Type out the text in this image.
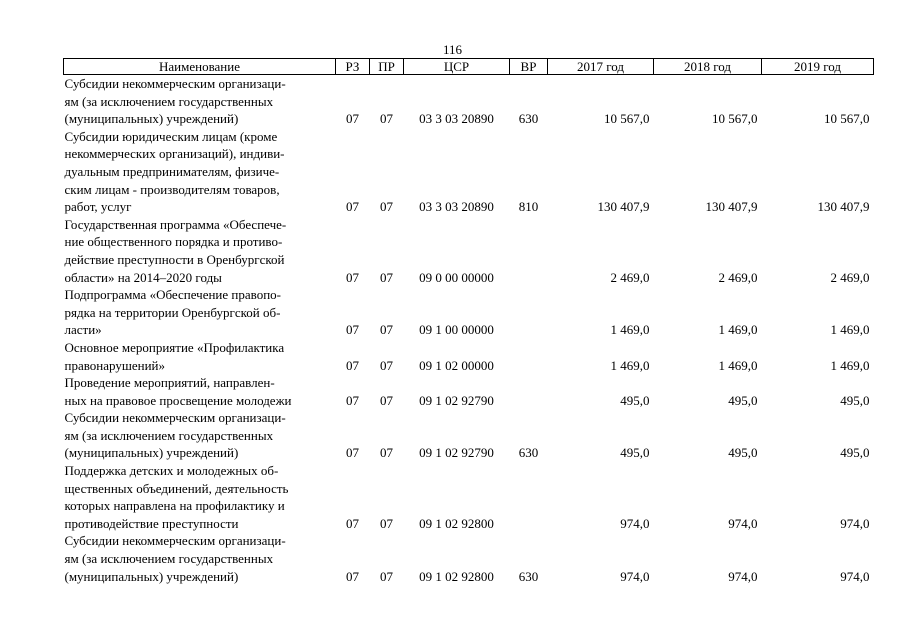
116
Наименование	РЗ	ПР	ЦСР	ВР	2017 год	2018 год	2019 год

Субсидии некоммерческим организаци-
ям (за исключением государственных
(муниципальных) учреждений)	07	07	03 3 03 20890	630	10 567,0	10 567,0	10 567,0

Субсидии юридическим лицам (кроме
некоммерческих организаций), индиви-
дуальным предпринимателям, физиче-
ским лицам - производителям товаров,
работ, услуг	07	07	03 3 03 20890	810	130 407,9	130 407,9	130 407,9

Государственная программа «Обеспече-
ние общественного порядка и противо-
действие преступности в Оренбургской
области» на 2014–2020 годы	07	07	09 0 00 00000		2 469,0	2 469,0	2 469,0

Подпрограмма «Обеспечение правопо-
рядка на территории Оренбургской об-
ласти»	07	07	09 1 00 00000		1 469,0	1 469,0	1 469,0

Основное мероприятие «Профилактика
правонарушений»	07	07	09 1 02 00000		1 469,0	1 469,0	1 469,0

Проведение мероприятий, направлен-
ных на правовое просвещение молодежи	07	07	09 1 02 92790		495,0	495,0	495,0

Субсидии некоммерческим организаци-
ям (за исключением государственных
(муниципальных) учреждений)	07	07	09 1 02 92790	630	495,0	495,0	495,0

Поддержка детских и молодежных об-
щественных объединений, деятельность
которых направлена на профилактику и
противодействие преступности	07	07	09 1 02 92800		974,0	974,0	974,0

Субсидии некоммерческим организаци-
ям (за исключением государственных
(муниципальных) учреждений)	07	07	09 1 02 92800	630	974,0	974,0	974,0
